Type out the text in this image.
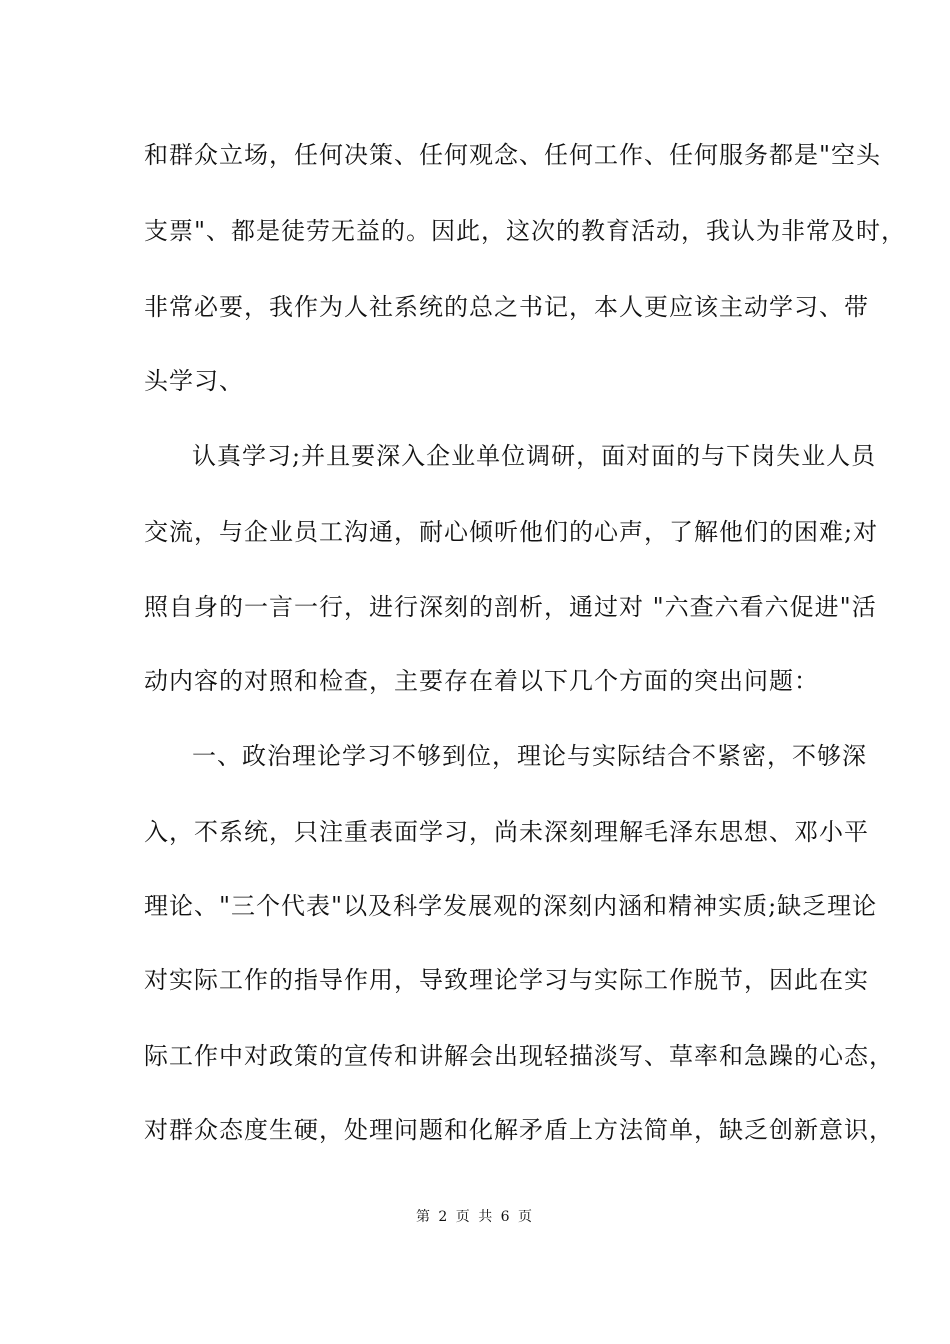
和群众立场，任何决策、任何观念、任何工作、任何服务都是"空头
支票"、都是徒劳无益的。因此，这次的教育活动，我认为非常及时，
非常必要，我作为人社系统的总之书记，本人更应该主动学习、带
头学习、
认真学习;并且要深入企业单位调研，面对面的与下岗失业人员
交流，与企业员工沟通，耐心倾听他们的心声，了解他们的困难;对
照自身的一言一行，进行深刻的剖析，通过对 "六查六看六促进"活
动内容的对照和检查，主要存在着以下几个方面的突出问题：
一、政治理论学习不够到位，理论与实际结合不紧密，不够深
入，不系统，只注重表面学习，尚未深刻理解毛泽东思想、邓小平
理论、"三个代表"以及科学发展观的深刻内涵和精神实质;缺乏理论
对实际工作的指导作用，导致理论学习与实际工作脱节，因此在实
际工作中对政策的宣传和讲解会出现轻描淡写、草率和急躁的心态，
对群众态度生硬，处理问题和化解矛盾上方法简单，缺乏创新意识，
第 2 页 共 6 页
